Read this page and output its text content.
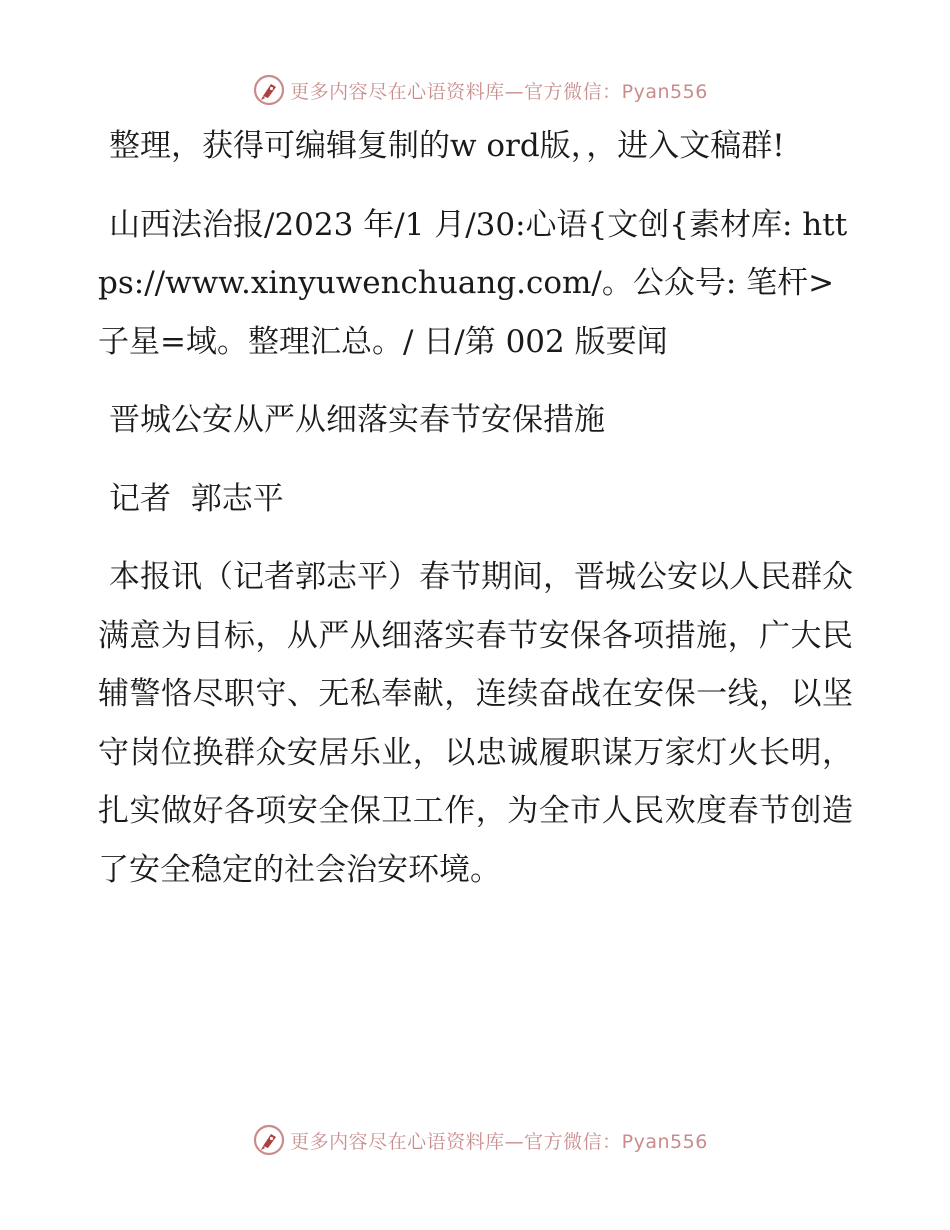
更多内容尽在心语资料库—官方微信：Pyan556

整理，获得可编辑复制的w ord版，，进入文稿群!

山西法治报/2023 年/1 月/30:心语{文创{素材库: https://www.xinyuwenchuang.com/。公众号: 笔杆>子星=域。整理汇总。/ 日/第 002 版要闻

晋城公安从严从细落实春节安保措施

记者  郭志平

本报讯（记者郭志平）春节期间，晋城公安以人民群众满意为目标，从严从细落实春节安保各项措施，广大民辅警恪尽职守、无私奉献，连续奋战在安保一线，以坚守岗位换群众安居乐业，以忠诚履职谋万家灯火长明，扎实做好各项安全保卫工作，为全市人民欢度春节创造了安全稳定的社会治安环境。

更多内容尽在心语资料库—官方微信：Pyan556
